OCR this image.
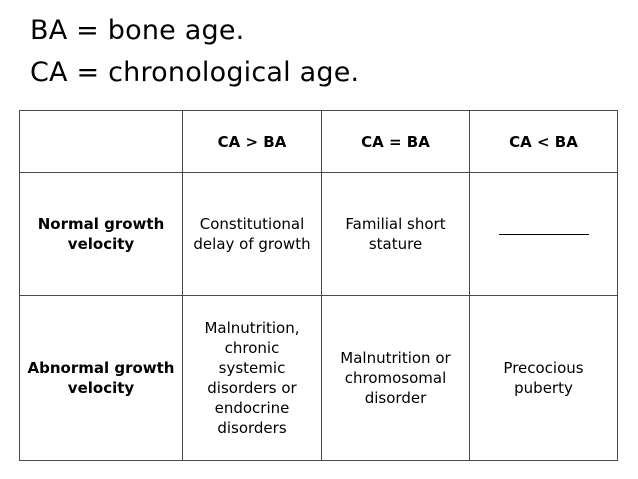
BA = bone age.
CA = chronological age.
	CA > BA	CA = BA	CA < BA
Normal growth velocity	Constitutional delay of growth	Familial short stature	
Abnormal growth velocity	Malnutrition, chronic systemic disorders or endocrine disorders	Malnutrition or chromosomal disorder	Precocious puberty
